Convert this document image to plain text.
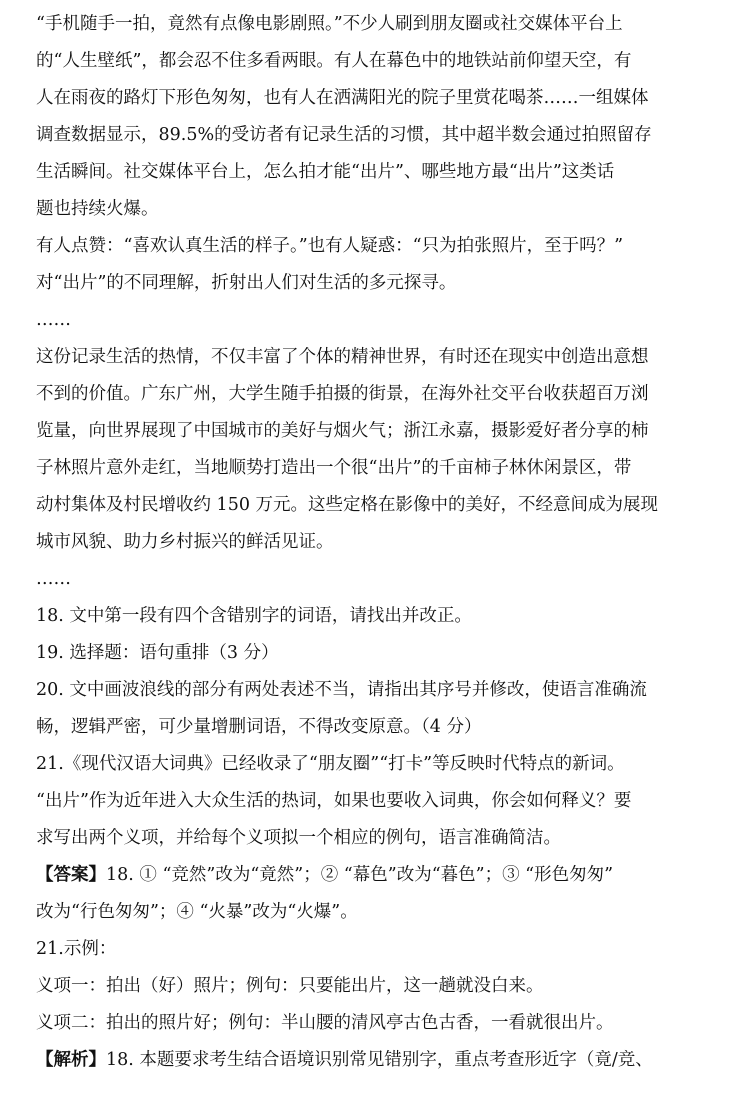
“手机随手一拍，竟然有点像电影剧照。”不少人刷到朋友圈或社交媒体平台上
的“人生壁纸”，都会忍不住多看两眼。有人在幕色中的地铁站前仰望天空，有
人在雨夜的路灯下形色匆匆，也有人在洒满阳光的院子里赏花喝茶……一组媒体
调查数据显示，89.5%的受访者有记录生活的习惯，其中超半数会通过拍照留存
生活瞬间。社交媒体平台上，怎么拍才能“出片”、哪些地方最“出片”这类话
题也持续火爆。
有人点赞：“喜欢认真生活的样子。”也有人疑惑：“只为拍张照片，至于吗？”
对“出片”的不同理解，折射出人们对生活的多元探寻。
……
这份记录生活的热情，不仅丰富了个体的精神世界，有时还在现实中创造出意想
不到的价值。广东广州，大学生随手拍摄的街景，在海外社交平台收获超百万浏
览量，向世界展现了中国城市的美好与烟火气；浙江永嘉，摄影爱好者分享的柿
子林照片意外走红，当地顺势打造出一个很“出片”的千亩柿子林休闲景区，带
动村集体及村民增收约 150 万元。这些定格在影像中的美好，不经意间成为展现
城市风貌、助力乡村振兴的鲜活见证。
……
18. 文中第一段有四个含错别字的词语，请找出并改正。
19. 选择题：语句重排（3 分）
20. 文中画波浪线的部分有两处表述不当，请指出其序号并修改，使语言准确流
畅，逻辑严密，可少量增删词语，不得改变原意。（4 分）
21.《现代汉语大词典》已经收录了“朋友圈”“打卡”等反映时代特点的新词。
“出片”作为近年进入大众生活的热词，如果也要收入词典，你会如何释义？要
求写出两个义项，并给每个义项拟一个相应的例句，语言准确简洁。
【答案】18. ① “竞然”改为“竟然”；② “幕色”改为“暮色”；③ “形色匆匆”
改为“行色匆匆”；④ “火暴”改为“火爆”。
21.示例：
义项一：拍出（好）照片；例句：只要能出片，这一趟就没白来。
义项二：拍出的照片好；例句：半山腰的清风亭古色古香，一看就很出片。
【解析】18. 本题要求考生结合语境识别常见错别字，重点考查形近字（竟/竞、
